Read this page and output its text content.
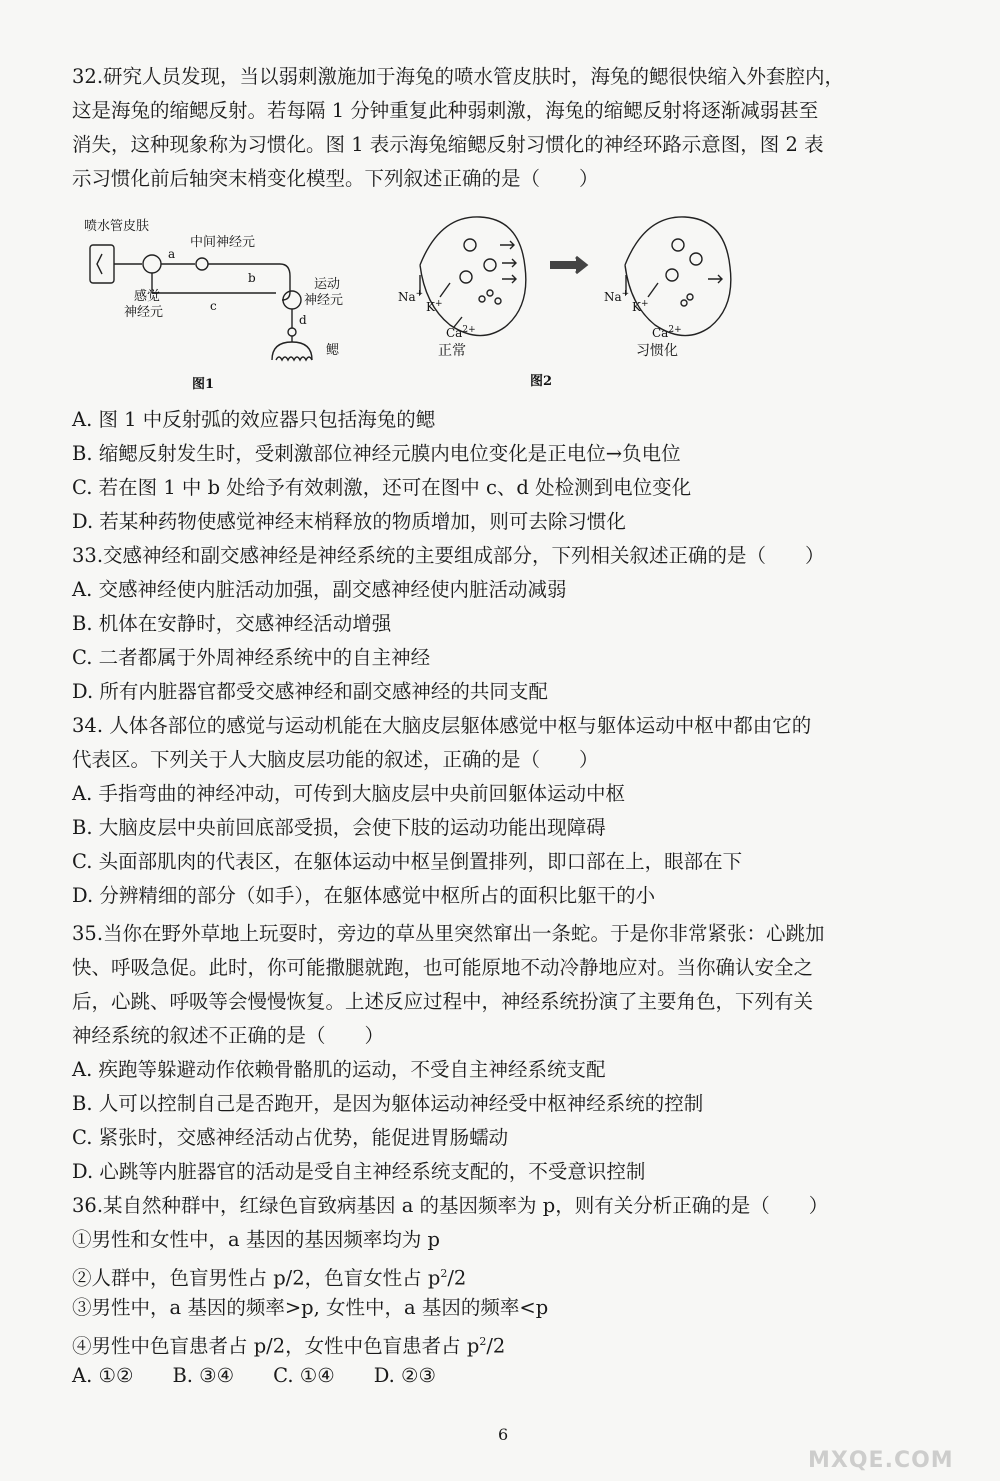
32.研究人员发现，当以弱刺激施加于海兔的喷水管皮肤时，海兔的鳃很快缩入外套腔内，
这是海兔的缩鳃反射。若每隔 1 分钟重复此种弱刺激，海兔的缩鳃反射将逐渐减弱甚至
消失，这种现象称为习惯化。图 1 表示海兔缩鳃反射习惯化的神经环路示意图，图 2 表
示习惯化前后轴突末梢变化模型。下列叙述正确的是（　　）
喷水管皮肤
中间神经元
a
b
c
d
感觉
神经元
运动
神经元
鳃
图1
Na+
K+
$Ca^{2+}$
正常
Na+
K+
$Ca^{2+}$
习惯化
图2
A. 图 1 中反射弧的效应器只包括海兔的鳃
B. 缩鳃反射发生时，受刺激部位神经元膜内电位变化是正电位→负电位
C. 若在图 1 中 b 处给予有效刺激，还可在图中 c、d 处检测到电位变化
D. 若某种药物使感觉神经末梢释放的物质增加，则可去除习惯化
33.交感神经和副交感神经是神经系统的主要组成部分，下列相关叙述正确的是（　　）
A. 交感神经使内脏活动加强，副交感神经使内脏活动减弱
B. 机体在安静时，交感神经活动增强
C. 二者都属于外周神经系统中的自主神经
D. 所有内脏器官都受交感神经和副交感神经的共同支配
34. 人体各部位的感觉与运动机能在大脑皮层躯体感觉中枢与躯体运动中枢中都由它的
代表区。下列关于人大脑皮层功能的叙述，正确的是（　　）
A. 手指弯曲的神经冲动，可传到大脑皮层中央前回躯体运动中枢
B. 大脑皮层中央前回底部受损，会使下肢的运动功能出现障碍
C. 头面部肌肉的代表区，在躯体运动中枢呈倒置排列，即口部在上，眼部在下
D. 分辨精细的部分（如手），在躯体感觉中枢所占的面积比躯干的小
35.当你在野外草地上玩耍时，旁边的草丛里突然窜出一条蛇。于是你非常紧张：心跳加
快、呼吸急促。此时，你可能撒腿就跑，也可能原地不动冷静地应对。当你确认安全之
后，心跳、呼吸等会慢慢恢复。上述反应过程中，神经系统扮演了主要角色，下列有关
神经系统的叙述不正确的是（　　）
A. 疾跑等躲避动作依赖骨骼肌的运动，不受自主神经系统支配
B. 人可以控制自己是否跑开，是因为躯体运动神经受中枢神经系统的控制
C. 紧张时，交感神经活动占优势，能促进胃肠蠕动
D. 心跳等内脏器官的活动是受自主神经系统支配的，不受意识控制
36.某自然种群中，红绿色盲致病基因 a 的基因频率为 p，则有关分析正确的是（　　）
①男性和女性中，a 基因的基因频率均为 p
②人群中，色盲男性占 p/2，色盲女性占 $p^2/2$
③男性中，a 基因的频率>p, 女性中，a 基因的频率<p
④男性中色盲患者占 p/2，女性中色盲患者占 $p^2/2$
A. ①②　　B. ③④　　C. ①④　　D. ②③
6
MXQE.COM
